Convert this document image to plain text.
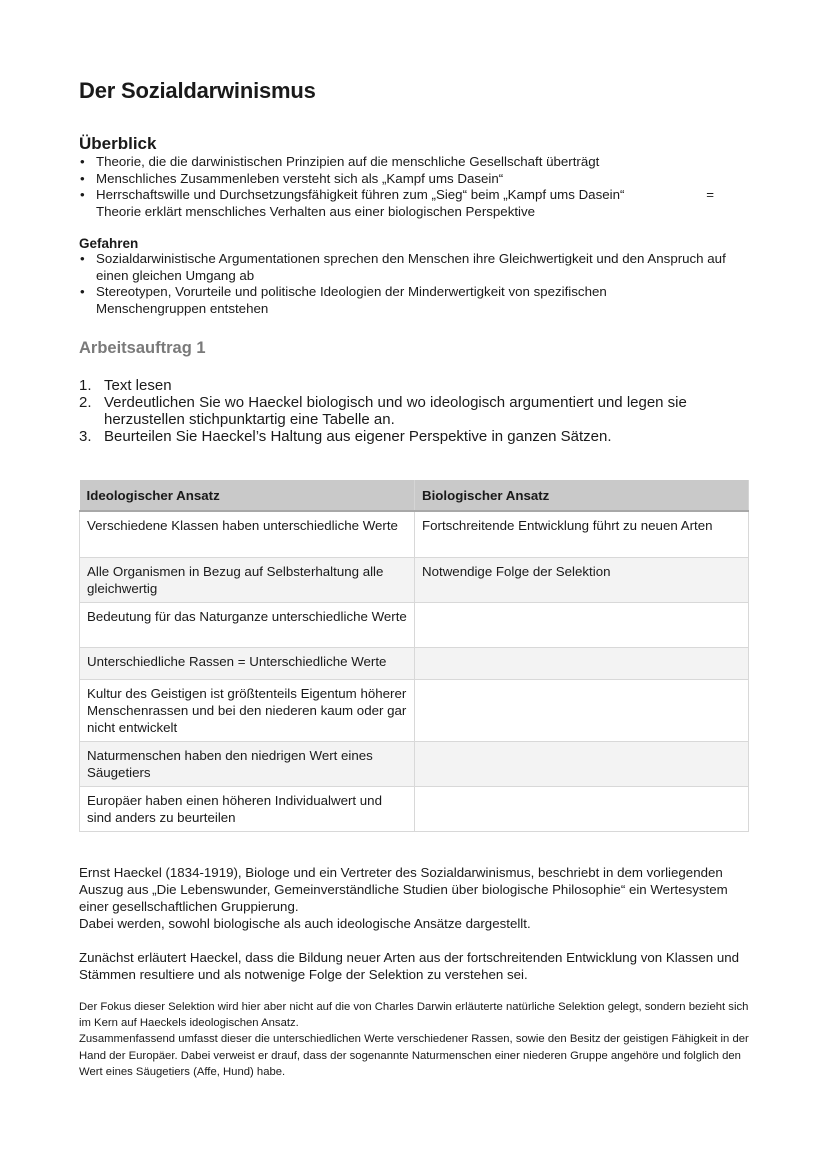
Der Sozialdarwinismus
Überblick
• Theorie, die die darwinistischen Prinzipien auf die menschliche Gesellschaft überträgt
• Menschliches Zusammenleben versteht sich als „Kampf ums Dasein“
• Herrschaftswille und Durchsetzungsfähigkeit führen zum „Sieg“ beim „Kampf ums Dasein“	=

Theorie erklärt menschliches Verhalten aus einer biologischen Perspektive
Gefahren
• Sozialdarwinistische Argumentationen sprechen den Menschen ihre Gleichwertigkeit und den Anspruch auf einen gleichen Umgang ab
• Stereotypen, Vorurteile und politische Ideologien der Minderwertigkeit von spezifischen Menschengruppen entstehen
Arbeitsauftrag 1
1. Text lesen
2. Verdeutlichen Sie wo Haeckel biologisch und wo ideologisch argumentiert und legen sie herzustellen stichpunktartig eine Tabelle an.
3. Beurteilen Sie Haeckel’s Haltung aus eigener Perspektive in ganzen Sätzen.
Ideologischer Ansatz	Biologischer Ansatz
Verschiedene Klassen haben unterschiedliche Werte	Fortschreitende Entwicklung führt zu neuen Arten
Alle Organismen in Bezug auf Selbsterhaltung alle gleichwertig	Notwendige Folge der Selektion
Bedeutung für das Naturganze unterschiedliche Werte	
Unterschiedliche Rassen = Unterschiedliche Werte	
Kultur des Geistigen ist größtenteils Eigentum höherer Menschenrassen und bei den niederen kaum oder gar nicht entwickelt	
Naturmenschen haben den niedrigen Wert eines Säugetiers	
Europäer haben einen höheren Individualwert und sind anders zu beurteilen	

Ernst Haeckel (1834-1919), Biologe und ein Vertreter des Sozialdarwinismus, beschriebt in dem vorliegenden Auszug aus „Die Lebenswunder, Gemeinverständliche Studien über biologische Philosophie“ ein Wertesystem einer gesellschaftlichen Gruppierung.

Dabei werden, sowohl biologische als auch ideologische Ansätze dargestellt.

Zunächst erläutert Haeckel, dass die Bildung neuer Arten aus der fortschreitenden Entwicklung von Klassen und Stämmen resultiere und als notwenige Folge der Selektion zu verstehen sei.

Der Fokus dieser Selektion wird hier aber nicht auf die von Charles Darwin erläuterte natürliche Selektion gelegt, sondern bezieht sich im Kern auf Haeckels ideologischen Ansatz.

Zusammenfassend umfasst dieser die unterschiedlichen Werte verschiedener Rassen, sowie den Besitz der geistigen Fähigkeit in der Hand der Europäer. Dabei verweist er drauf, dass der sogenannte Naturmenschen einer niederen Gruppe angehöre und folglich den Wert eines Säugetiers (Affe, Hund) habe.
